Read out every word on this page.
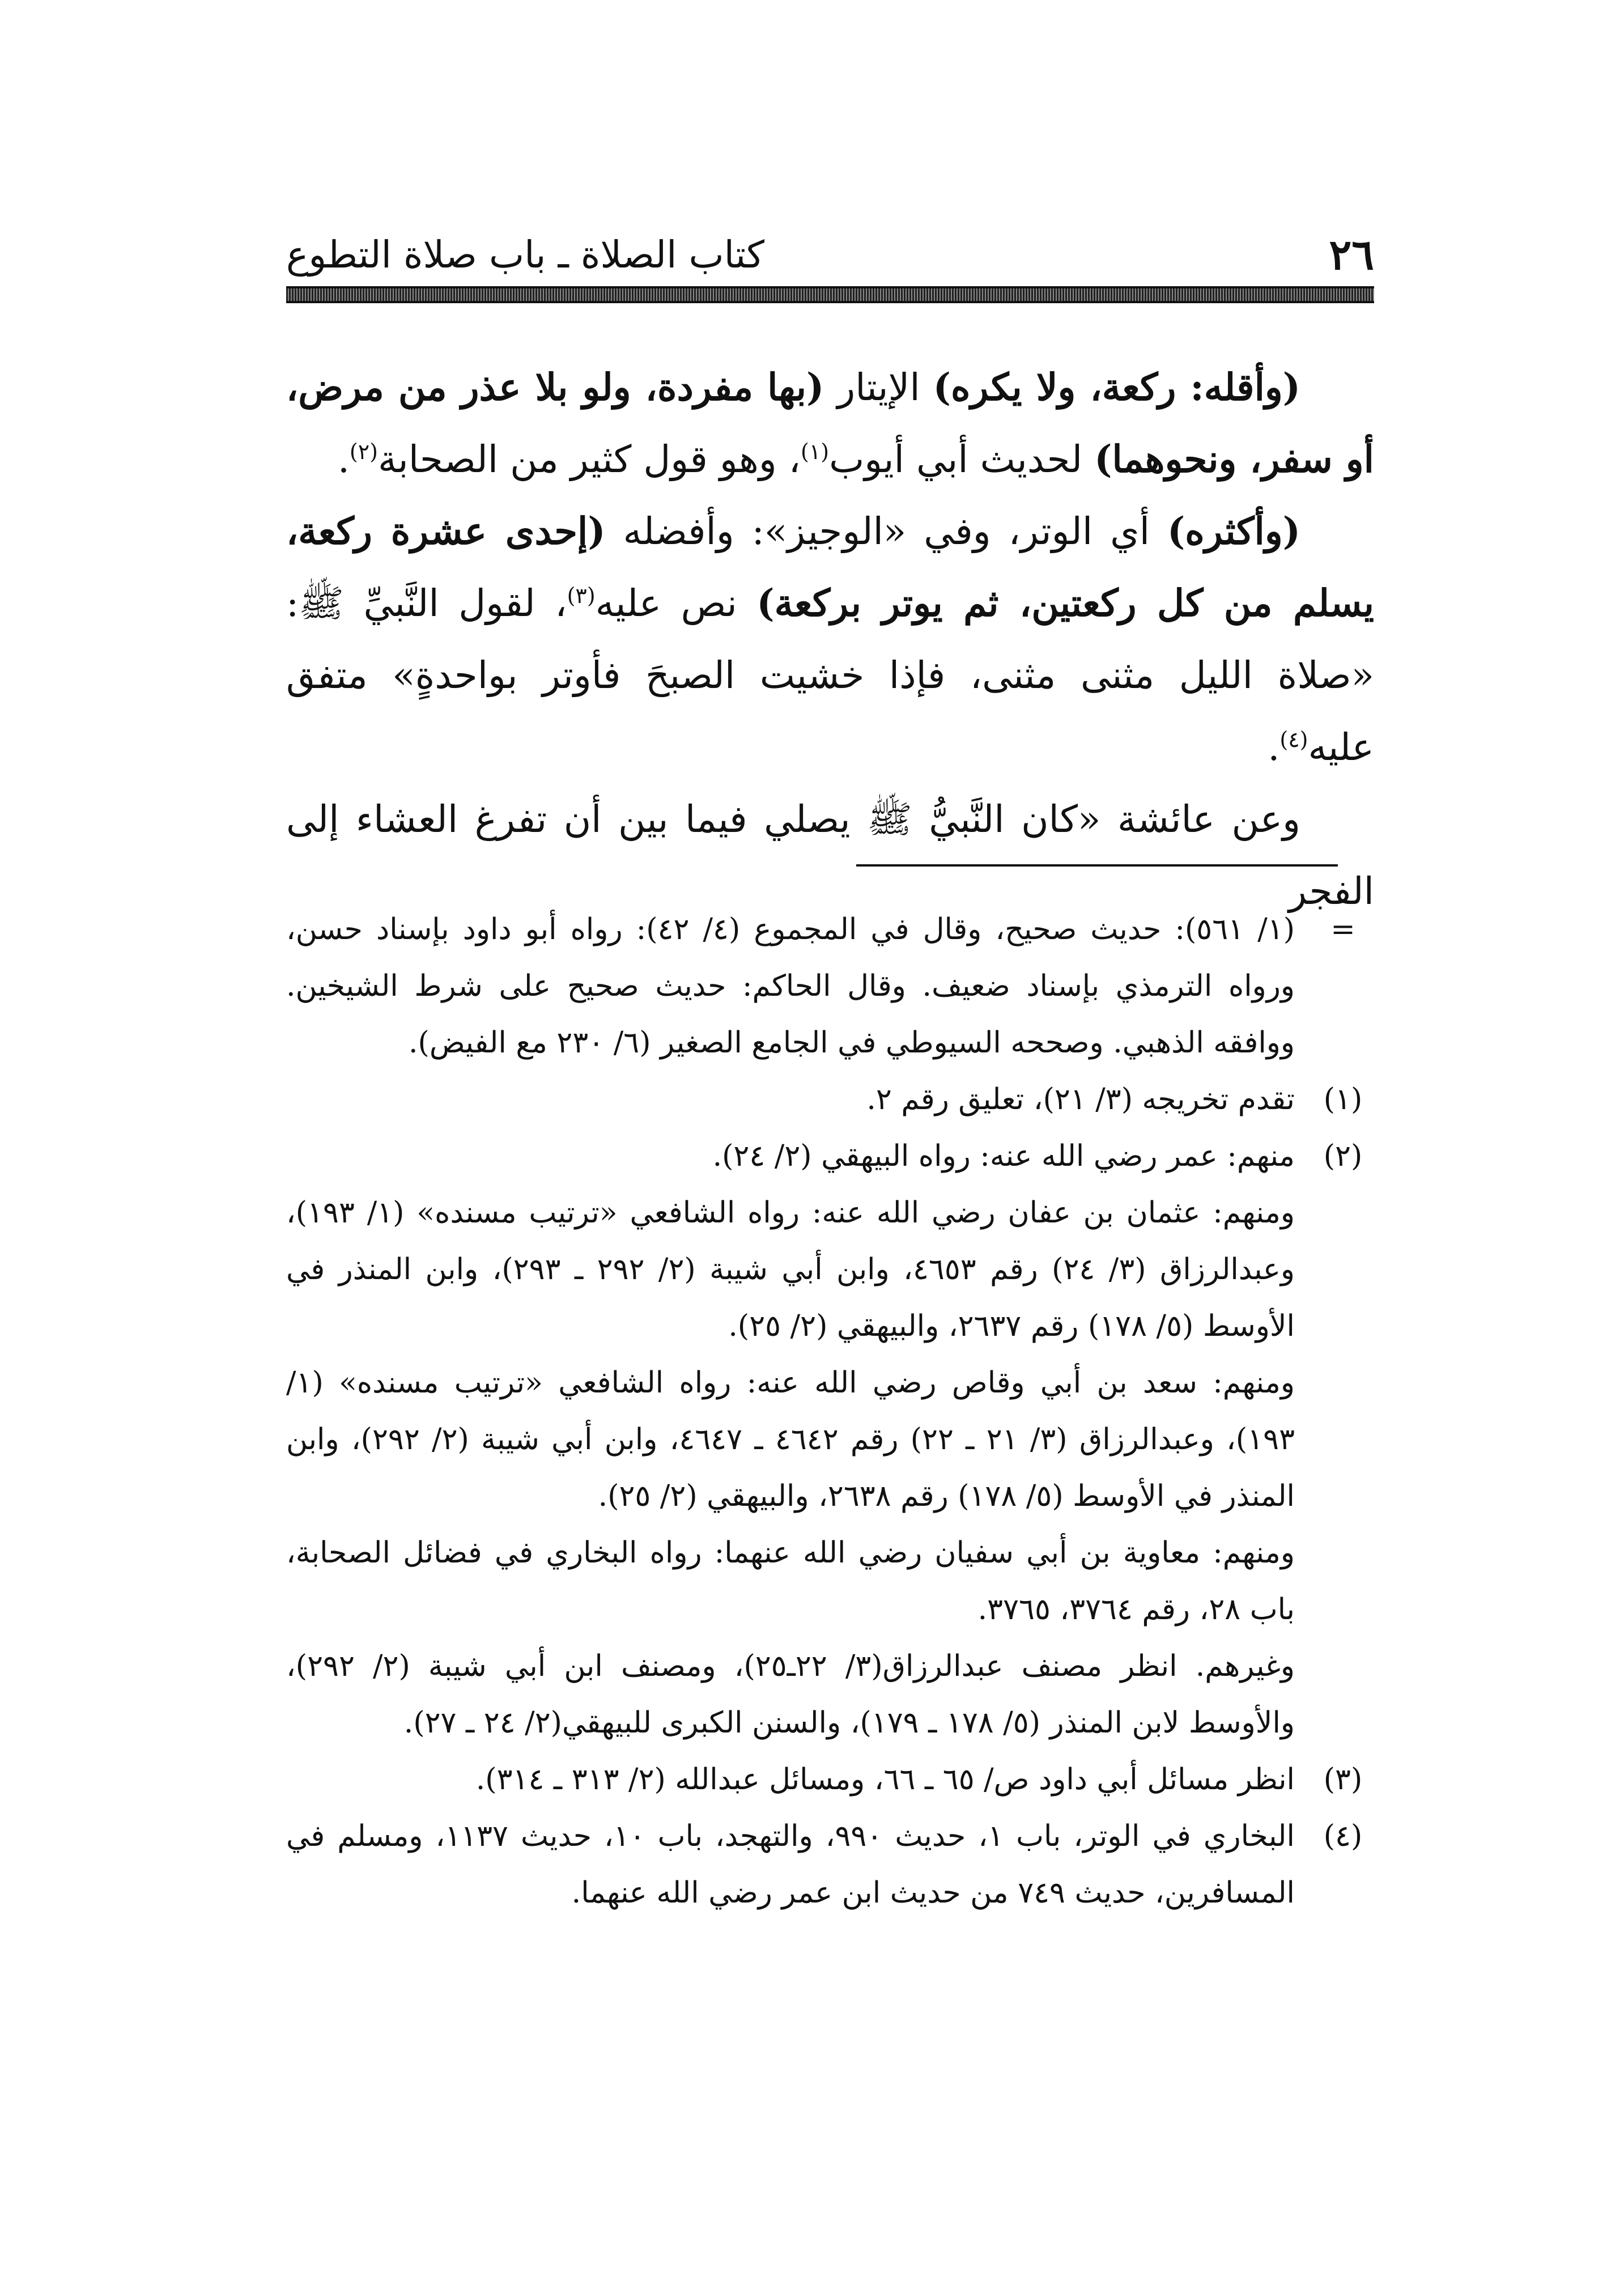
٢٦
كتاب الصلاة ـ باب صلاة التطوع

(وأقله: ركعة، ولا يكره) الإيتار (بها مفردة، ولو بلا عذر من مرض، أو سفر، ونحوهما) لحديث أبي أيوب$^{(١)}$، وهو قول كثير من الصحابة$^{(٢)}$.

(وأكثره) أي الوتر، وفي «الوجيز»: وأفضله (إحدى عشرة ركعة، يسلم من كل ركعتين، ثم يوتر بركعة) نص عليه$^{(٣)}$، لقول النَّبيِّ ﷺ: «صلاة الليل مثنى مثنى، فإذا خشيت الصبحَ فأوتر بواحدةٍ» متفق عليه$^{(٤)}$.

وعن عائشة «كان النَّبيُّ ﷺ يصلي فيما بين أن تفرغ العشاء إلى الفجر

=

(١/ ٥٦١): حديث صحيح، وقال في المجموع (٤/ ٤٢): رواه أبو داود بإسناد حسن، ورواه الترمذي بإسناد ضعيف. وقال الحاكم: حديث صحيح على شرط الشيخين. ووافقه الذهبي. وصححه السيوطي في الجامع الصغير (٦/ ٢٣٠ مع الفيض).

(١)

تقدم تخريجه (٣/ ٢١)، تعليق رقم ٢.

(٢)

منهم: عمر رضي الله عنه: رواه البيهقي (٢/ ٢٤).

ومنهم: عثمان بن عفان رضي الله عنه: رواه الشافعي «ترتيب مسنده» (١/ ١٩٣)، وعبدالرزاق (٣/ ٢٤) رقم ٤٦٥٣، وابن أبي شيبة (٢/ ٢٩٢ ـ ٢٩٣)، وابن المنذر في الأوسط (٥/ ١٧٨) رقم ٢٦٣٧، والبيهقي (٢/ ٢٥).

ومنهم: سعد بن أبي وقاص رضي الله عنه: رواه الشافعي «ترتيب مسنده» (١/ ١٩٣)، وعبدالرزاق (٣/ ٢١ ـ ٢٢) رقم ٤٦٤٢ ـ ٤٦٤٧، وابن أبي شيبة (٢/ ٢٩٢)، وابن المنذر في الأوسط (٥/ ١٧٨) رقم ٢٦٣٨، والبيهقي (٢/ ٢٥).

ومنهم: معاوية بن أبي سفيان رضي الله عنهما: رواه البخاري في فضائل الصحابة، باب ٢٨، رقم ٣٧٦٤، ٣٧٦٥.

وغيرهم. انظر مصنف عبدالرزاق(٣/ ٢٢ـ٢٥)، ومصنف ابن أبي شيبة (٢/ ٢٩٢)، والأوسط لابن المنذر (٥/ ١٧٨ ـ ١٧٩)، والسنن الكبرى للبيهقي(٢/ ٢٤ ـ ٢٧).

(٣)

انظر مسائل أبي داود ص/ ٦٥ ـ ٦٦، ومسائل عبدالله (٢/ ٣١٣ ـ ٣١٤).

(٤)

البخاري في الوتر، باب ١، حديث ٩٩٠، والتهجد، باب ١٠، حديث ١١٣٧، ومسلم في المسافرين، حديث ٧٤٩ من حديث ابن عمر رضي الله عنهما.
